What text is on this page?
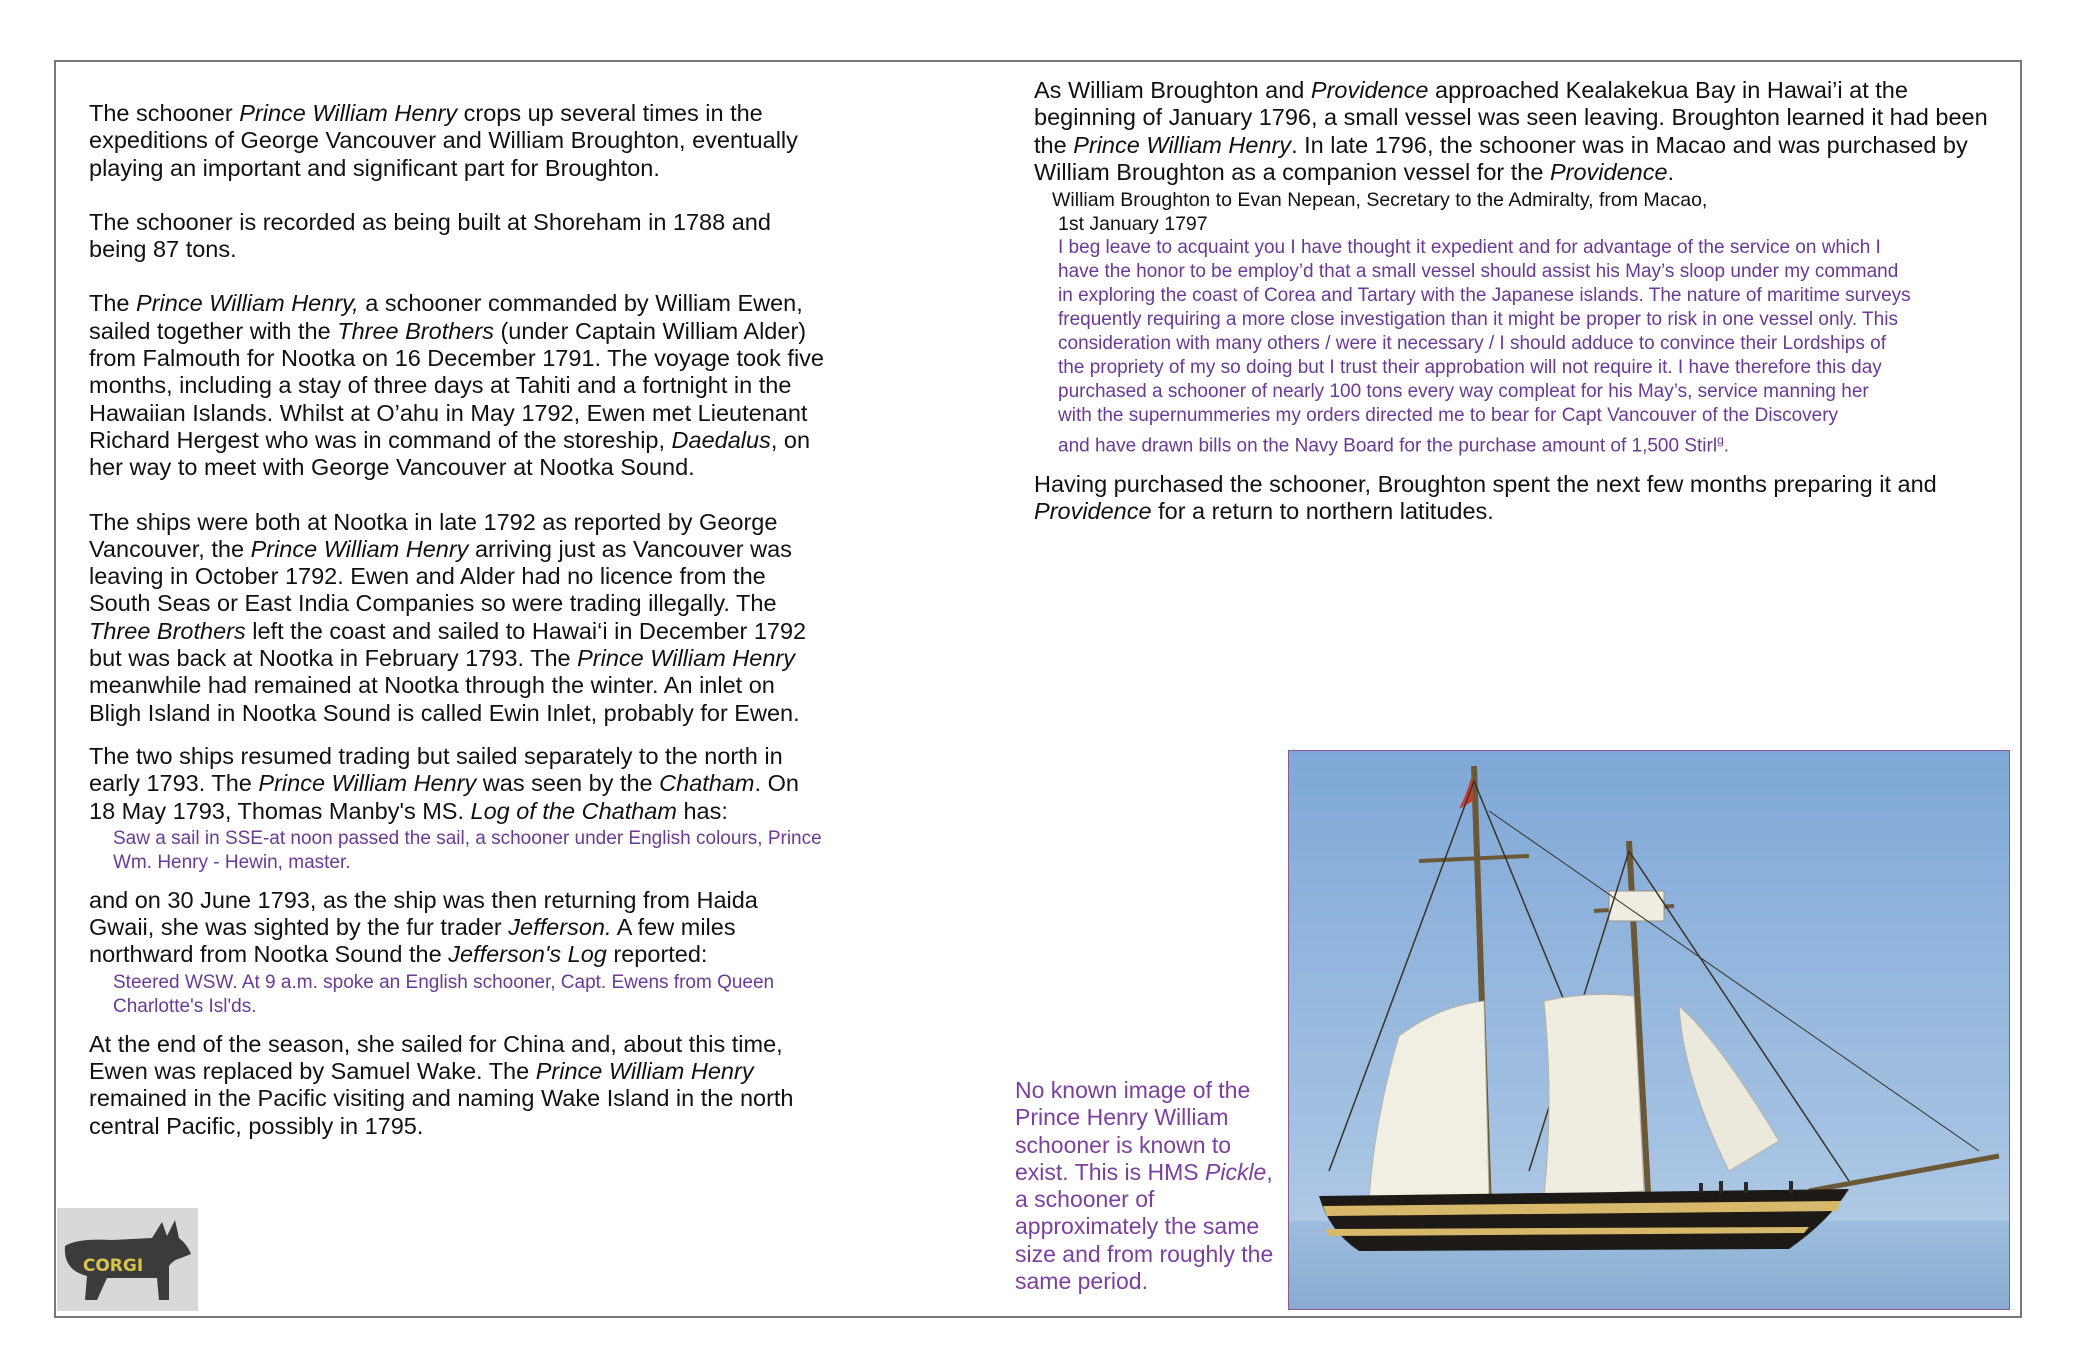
The schooner Prince William Henry crops up several times in the expeditions of George Vancouver and William Broughton, eventually playing an important and significant part for Broughton.

The schooner is recorded as being built at Shoreham in 1788 and being 87 tons.

The Prince William Henry, a schooner commanded by William Ewen, sailed together with the Three Brothers (under Captain William Alder) from Falmouth for Nootka on 16 December 1791. The voyage took five months, including a stay of three days at Tahiti and a fortnight in the Hawaiian Islands. Whilst at O’ahu in May 1792, Ewen met Lieutenant Richard Hergest who was in command of the storeship, Daedalus, on her way to meet with George Vancouver at Nootka Sound.

The ships were both at Nootka in late 1792 as reported by George Vancouver, the Prince William Henry arriving just as Vancouver was leaving in October 1792. Ewen and Alder had no licence from the South Seas or East India Companies so were trading illegally. The Three Brothers left the coast and sailed to Hawai‘i in December 1792 but was back at Nootka in February 1793. The Prince William Henry meanwhile had remained at Nootka through the winter. An inlet on Bligh Island in Nootka Sound is called Ewin Inlet, probably for Ewen.

The two ships resumed trading but sailed separately to the north in early 1793. The Prince William Henry was seen by the Chatham. On 18 May 1793, Thomas Manby's MS. Log of the Chatham has:

Saw a sail in SSE-at noon passed the sail, a schooner under English colours, Prince Wm. Henry - Hewin, master.

and on 30 June 1793, as the ship was then returning from Haida Gwaii, she was sighted by the fur trader Jefferson. A few miles northward from Nootka Sound the Jefferson's Log reported:

Steered WSW. At 9 a.m. spoke an English schooner, Capt. Ewens from Queen Charlotte's Isl'ds.

At the end of the season, she sailed for China and, about this time, Ewen was replaced by Samuel Wake. The Prince William Henry remained in the Pacific visiting and naming Wake Island in the north central Pacific, possibly in 1795.

As William Broughton and Providence approached Kealakekua Bay in Hawai’i at the beginning of January 1796, a small vessel was seen leaving. Broughton learned it had been the Prince William Henry. In late 1796, the schooner was in Macao and was purchased by William Broughton as a companion vessel for the Providence.

William Broughton to Evan Nepean, Secretary to the Admiralty, from Macao,

1st January 1797

I beg leave to acquaint you I have thought it expedient and for advantage of the service on which I
have the honor to be employ’d that a small vessel should assist his May’s sloop under my command
in exploring the coast of Corea and Tartary with the Japanese islands. The nature of maritime surveys
frequently requiring a more close investigation than it might be proper to risk in one vessel only. This
consideration with many others / were it necessary / I should adduce to convince their Lordships of
the propriety of my so doing but I trust their approbation will not require it. I have therefore this day
purchased a schooner of nearly 100 tons every way compleat for his May’s, service manning her
with the supernummeries my orders directed me to bear for Capt Vancouver of the Discovery
and have drawn bills on the Navy Board for the purchase amount of 1,500 Stirl$^g$.

Having purchased the schooner, Broughton spent the next few months preparing it and Providence for a return to northern latitudes.

No known image of the Prince Henry William schooner is known to exist. This is HMS Pickle, a schooner of approximately the same size and from roughly the same period.
CORGI
